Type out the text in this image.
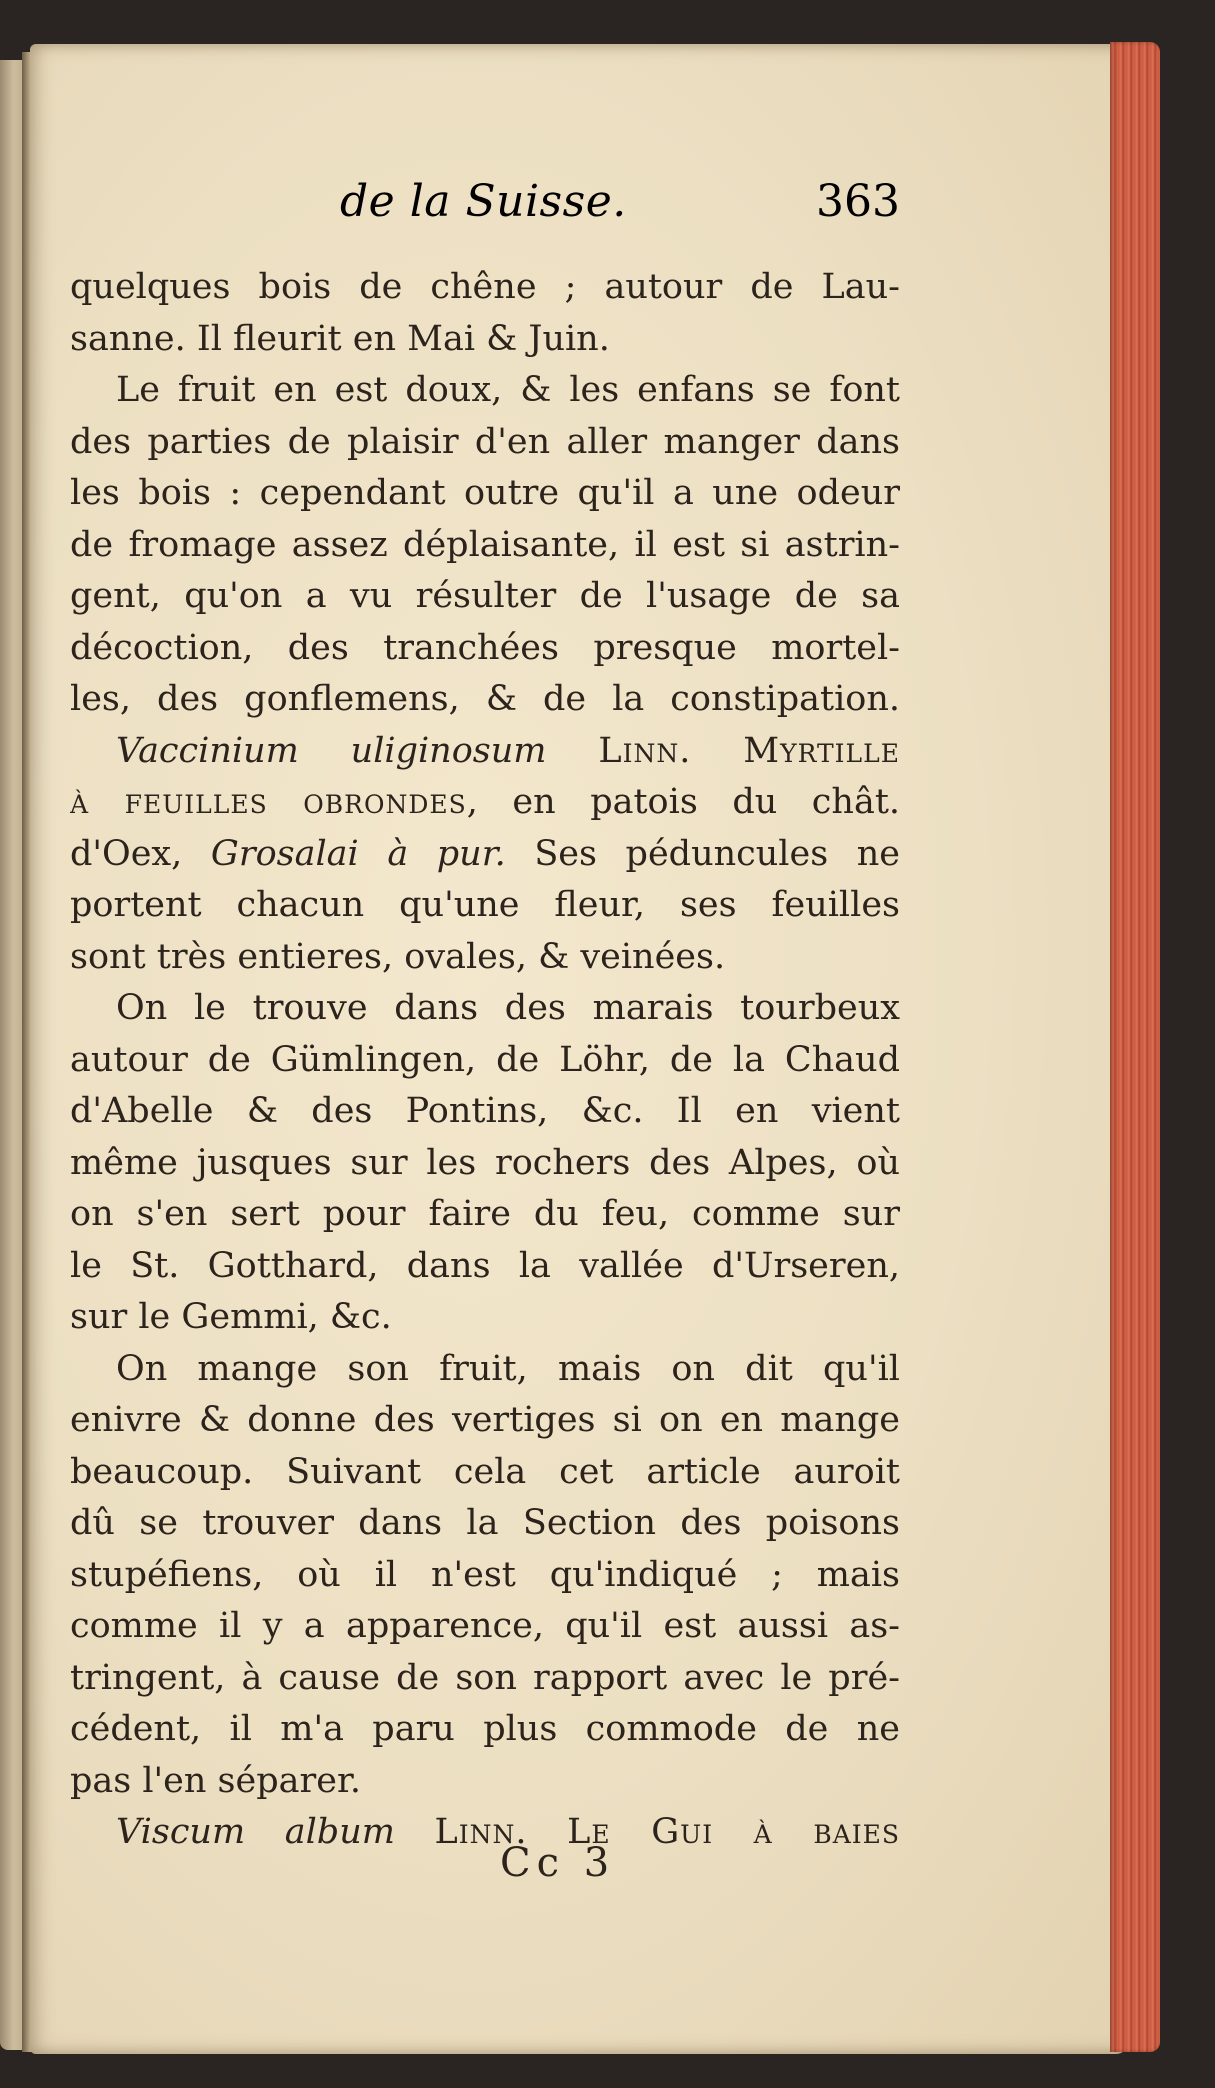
de la Suisse.	363
quelques bois de chêne ; autour de Lau-
sanne. Il fleurit en Mai & Juin.
Le fruit en est doux, & les enfans se font
des parties de plaisir d'en aller manger dans
les bois : cependant outre qu'il a une odeur
de fromage assez déplaisante, il est si astrin-
gent, qu'on a vu résulter de l'usage de sa
décoction, des tranchées presque mortel-
les, des gonflemens, & de la constipation.
Vaccinium uliginosum Linn. Myrtille
à feuilles obrondes, en patois du chât.
d'Oex, Grosalai à pur. Ses péduncules ne
portent chacun qu'une fleur, ses feuilles
sont très entieres, ovales, & veinées.
On le trouve dans des marais tourbeux
autour de Gümlingen, de Löhr, de la Chaud
d'Abelle & des Pontins, &c. Il en vient
même jusques sur les rochers des Alpes, où
on s'en sert pour faire du feu, comme sur
le St. Gotthard, dans la vallée d'Urseren,
sur le Gemmi, &c.
On mange son fruit, mais on dit qu'il
enivre & donne des vertiges si on en mange
beaucoup. Suivant cela cet article auroit
dû se trouver dans la Section des poisons
stupéfiens, où il n'est qu'indiqué ; mais
comme il y a apparence, qu'il est aussi as-
tringent, à cause de son rapport avec le pré-
cédent, il m'a paru plus commode de ne
pas l'en séparer.
Viscum album Linn. Le Gui à baies
Cc 3
